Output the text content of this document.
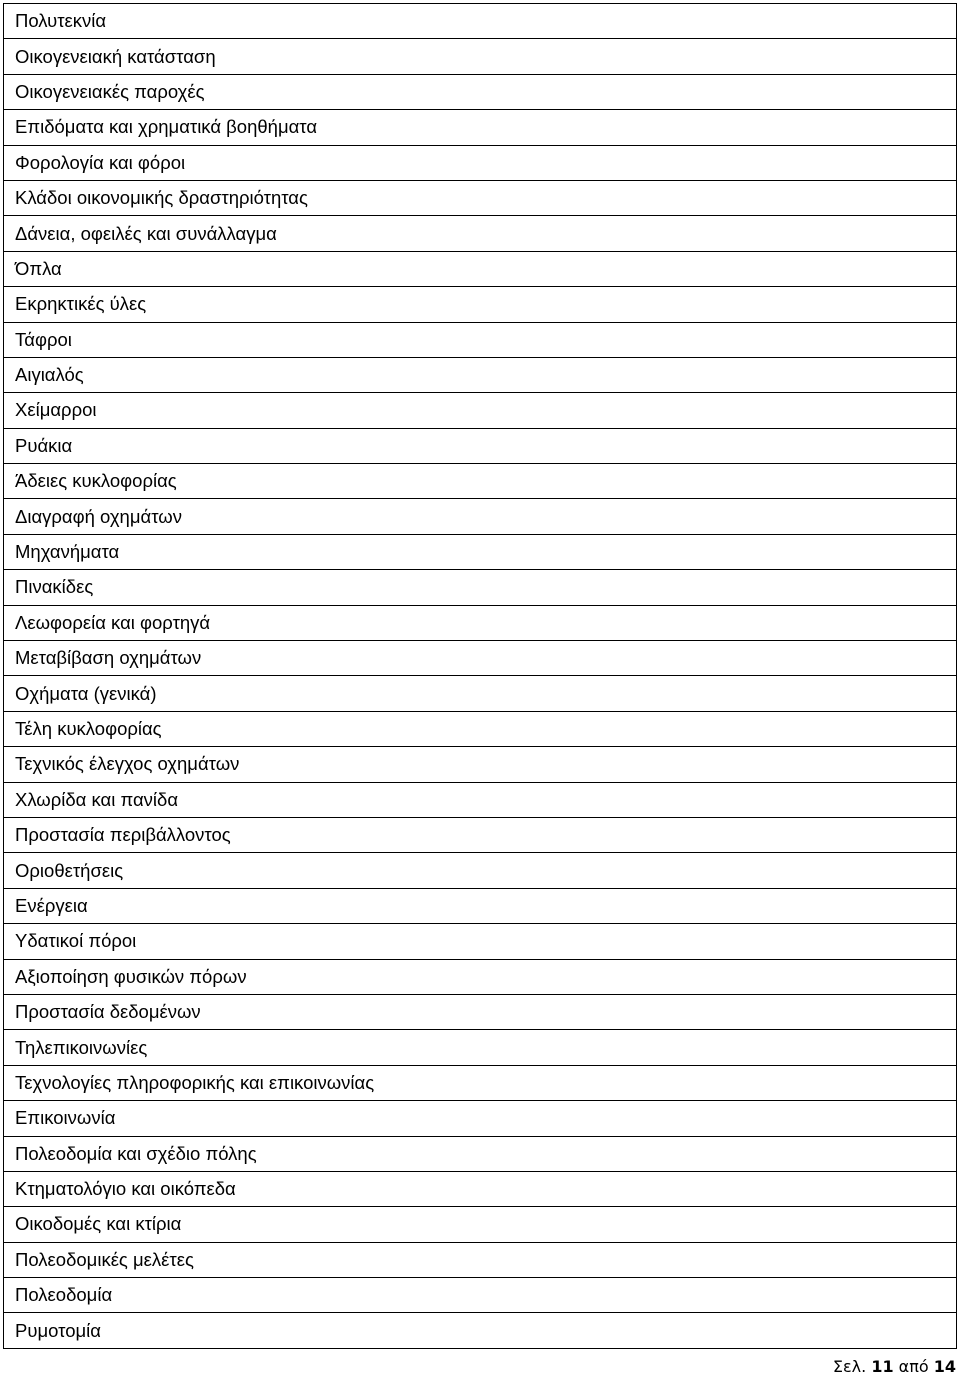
Πολυτεκνία
Οικογενειακή κατάσταση
Οικογενειακές παροχές
Επιδόματα και χρηματικά βοηθήματα
Φορολογία και φόροι
Κλάδοι οικονομικής δραστηριότητας
Δάνεια, οφειλές και συνάλλαγμα
Όπλα
Εκρηκτικές ύλες
Τάφροι
Αιγιαλός
Χείμαρροι
Ρυάκια
Άδειες κυκλοφορίας
Διαγραφή οχημάτων
Μηχανήματα
Πινακίδες
Λεωφορεία και φορτηγά
Μεταβίβαση οχημάτων
Οχήματα (γενικά)
Τέλη κυκλοφορίας
Τεχνικός έλεγχος οχημάτων
Χλωρίδα και πανίδα
Προστασία περιβάλλοντος
Οριοθετήσεις
Ενέργεια
Υδατικοί πόροι
Αξιοποίηση φυσικών πόρων
Προστασία δεδομένων
Τηλεπικοινωνίες
Τεχνολογίες πληροφορικής και επικοινωνίας
Επικοινωνία
Πολεοδομία και σχέδιο πόλης
Κτηματολόγιο και οικόπεδα
Οικοδομές και κτίρια
Πολεοδομικές μελέτες
Πολεοδομία
Ρυμοτομία
Σελ. 11 από 14
